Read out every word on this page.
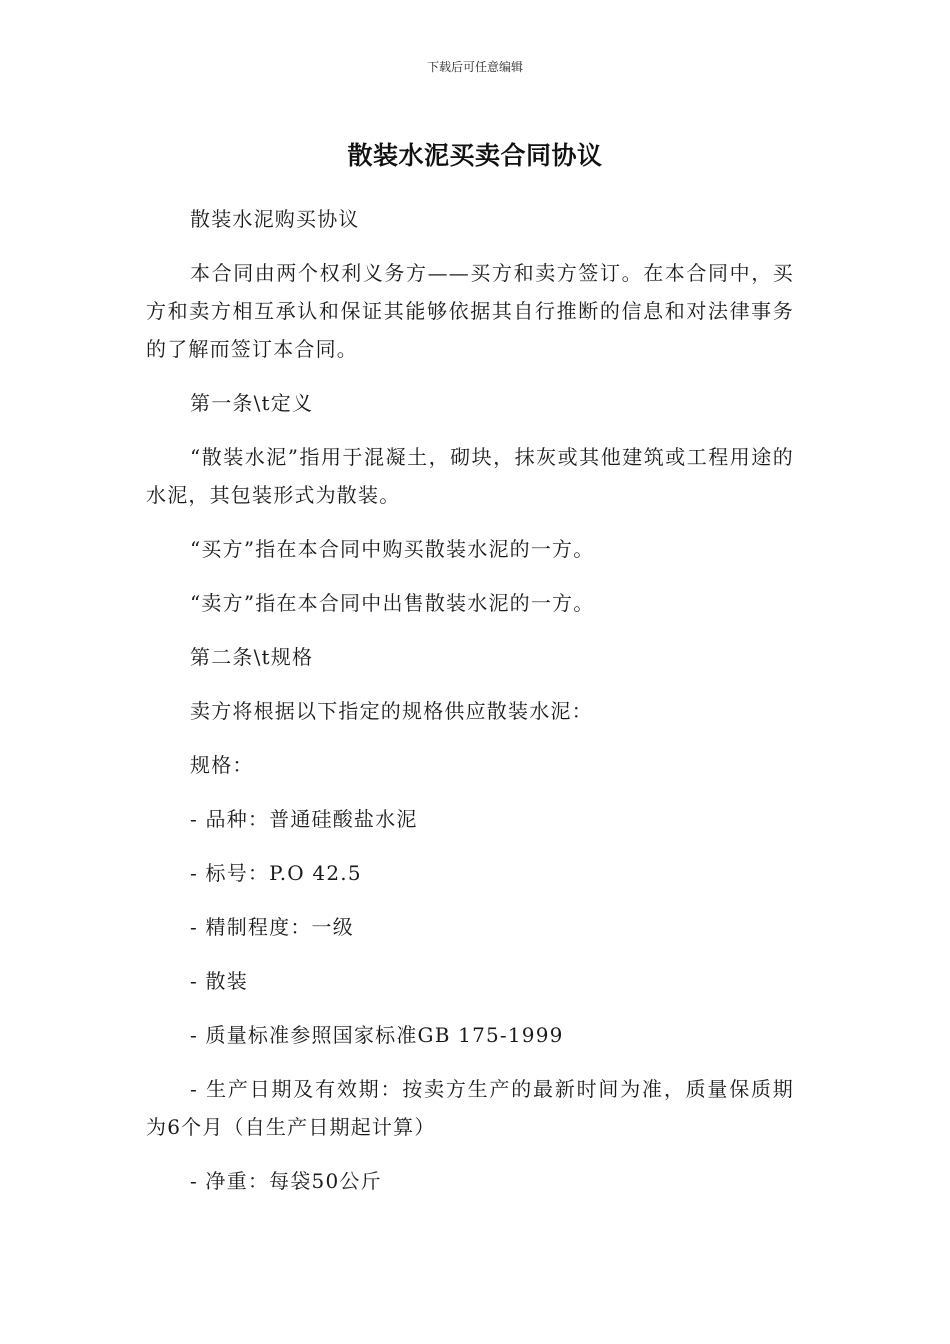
下载后可任意编辑
散装水泥买卖合同协议

散装水泥购买协议

本合同由两个权利义务方——买方和卖方签订。在本合同中，买方和卖方相互承认和保证其能够依据其自行推断的信息和对法律事务的了解而签订本合同。

第一条\t定义

“散装水泥”指用于混凝土，砌块，抹灰或其他建筑或工程用途的水泥，其包装形式为散装。

“买方”指在本合同中购买散装水泥的一方。

“卖方”指在本合同中出售散装水泥的一方。

第二条\t规格

卖方将根据以下指定的规格供应散装水泥：

规格：

- 品种：普通硅酸盐水泥

- 标号：P.O 42.5

- 精制程度：一级

- 散装

- 质量标准参照国家标准GB 175-1999

- 生产日期及有效期：按卖方生产的最新时间为准，质量保质期为6个月（自生产日期起计算）

- 净重：每袋50公斤
